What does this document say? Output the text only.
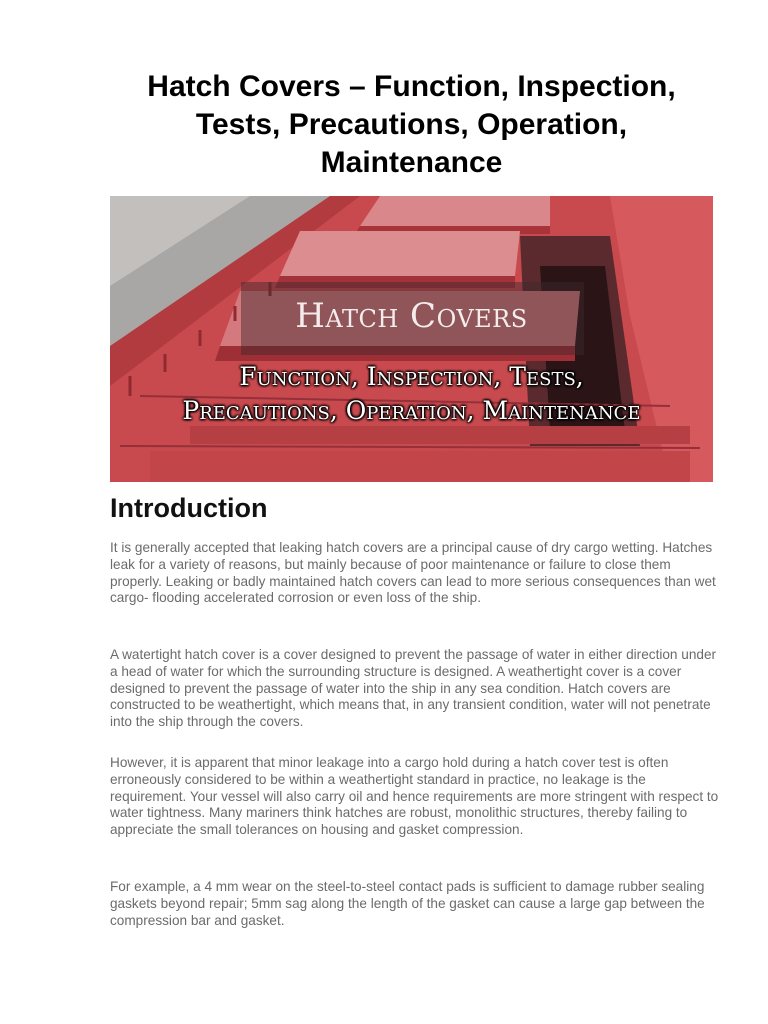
Hatch Covers – Function, Inspection, Tests, Precautions, Operation, Maintenance
Hatch Covers
Function, Inspection, Tests,
Precautions, Operation, Maintenance
Introduction

It is generally accepted that leaking hatch covers are a principal cause of dry cargo wetting. Hatches leak for a variety of reasons, but mainly because of poor maintenance or failure to close them properly. Leaking or badly maintained hatch covers can lead to more serious consequences than wet cargo- flooding accelerated corrosion or even loss of the ship.

A watertight hatch cover is a cover designed to prevent the passage of water in either direction under a head of water for which the surrounding structure is designed. A weathertight cover is a cover designed to prevent the passage of water into the ship in any sea condition. Hatch covers are constructed to be weathertight, which means that, in any transient condition, water will not penetrate into the ship through the covers.

However, it is apparent that minor leakage into a cargo hold during a hatch cover test is often erroneously considered to be within a weathertight standard in practice, no leakage is the requirement. Your vessel will also carry oil and hence requirements are more stringent with respect to water tightness. Many mariners think hatches are robust, monolithic structures, thereby failing to appreciate the small tolerances on housing and gasket compression.

For example, a 4 mm wear on the steel-to-steel contact pads is sufficient to damage rubber sealing gaskets beyond repair; 5mm sag along the length of the gasket can cause a large gap between the compression bar and gasket.
